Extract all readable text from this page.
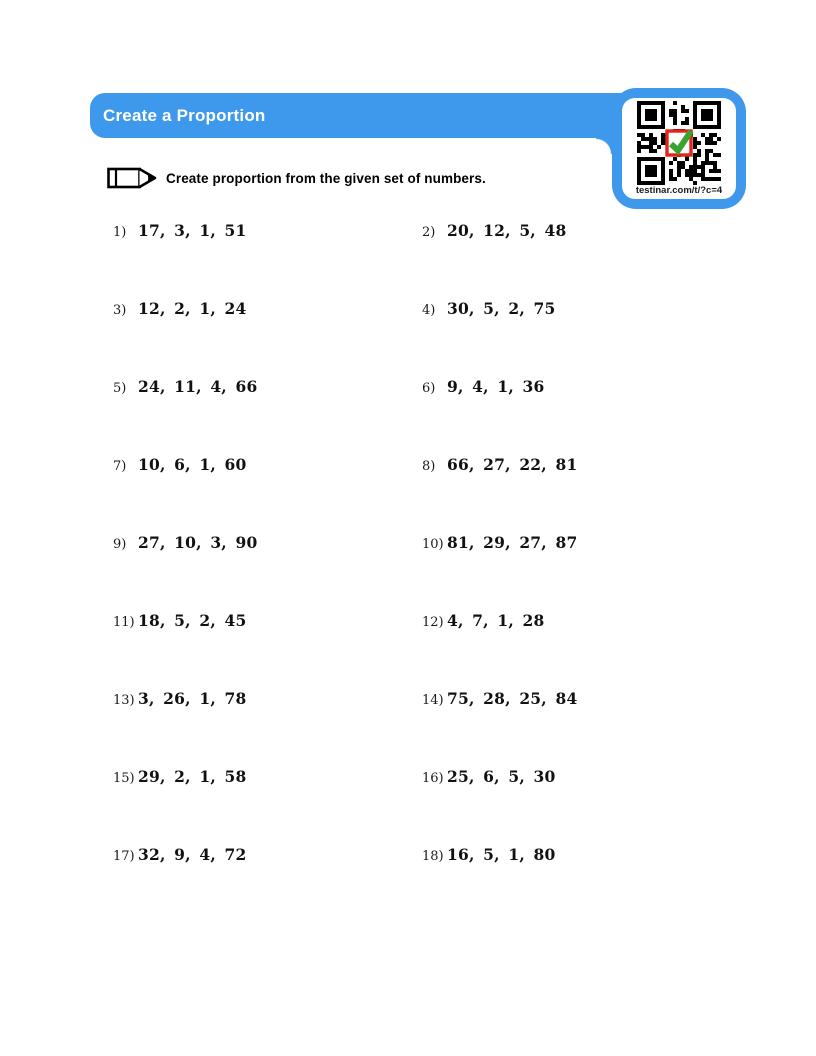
Create a Proportion
testinar.com/t/?c=4
Create proportion from the given set of numbers.
1) 17, 3, 1, 51	2) 20, 12, 5, 48
3) 12, 2, 1, 24	4) 30, 5, 2, 75
5) 24, 11, 4, 66	6) 9, 4, 1, 36
7) 10, 6, 1, 60	8) 66, 27, 22, 81
9) 27, 10, 3, 90	10) 81, 29, 27, 87
11) 18, 5, 2, 45	12) 4, 7, 1, 28
13) 3, 26, 1, 78	14) 75, 28, 25, 84
15) 29, 2, 1, 58	16) 25, 6, 5, 30
17) 32, 9, 4, 72	18) 16, 5, 1, 80
